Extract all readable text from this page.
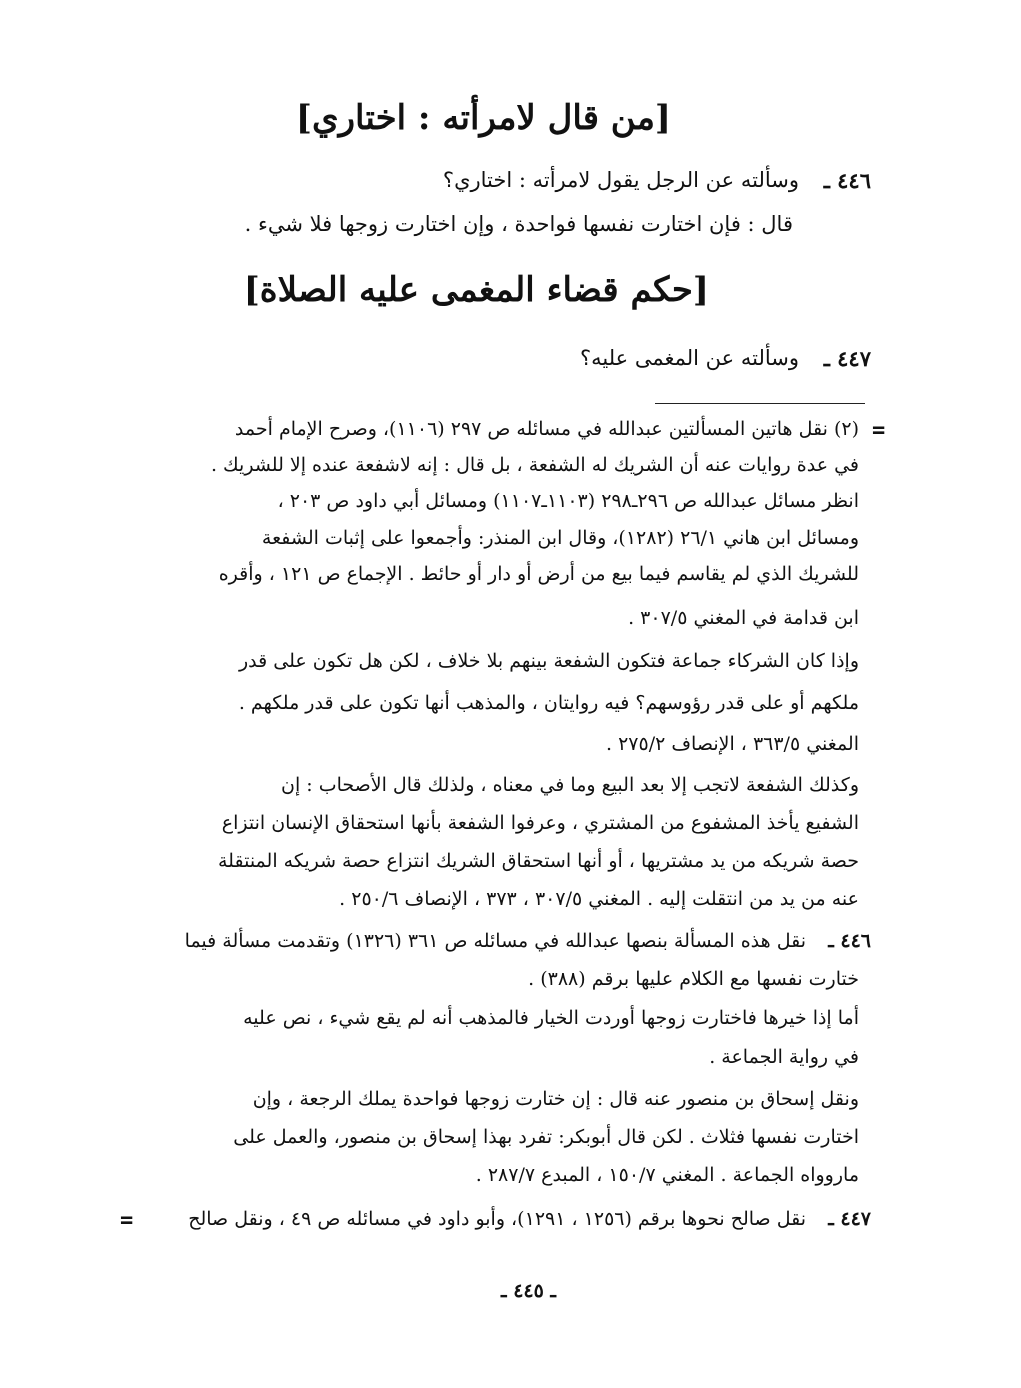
[من قال لامرأته : اختاري]
٤٤٦ ـ
وسألته عن الرجل يقول لامرأته : اختاري؟
قال : فإن اختارت نفسها فواحدة ، وإن اختارت زوجها فلا شيء .
[حكم قضاء المغمى عليه الصلاة]
٤٤٧ ـ
وسألته عن المغمى عليه؟
=
(٢) نقل هاتين المسألتين عبدالله في مسائله ص ٢٩٧ (١١٠٦)، وصرح الإمام أحمد
في عدة روايات عنه أن الشريك له الشفعة ، بل قال : إنه لاشفعة عنده إلا للشريك .
انظر مسائل عبدالله ص ٢٩٦ـ٢٩٨ (١١٠٣ـ١١٠٧) ومسائل أبي داود ص ٢٠٣ ،
ومسائل ابن هاني ٢٦/١ (١٢٨٢)، وقال ابن المنذر: وأجمعوا على إثبات الشفعة
للشريك الذي لم يقاسم فيما بيع من أرض أو دار أو حائط . الإجماع ص ١٢١ ، وأقره
ابن قدامة في المغني ٣٠٧/٥ .
وإذا كان الشركاء جماعة فتكون الشفعة بينهم بلا خلاف ، لكن هل تكون على قدر
ملكهم أو على قدر رؤوسهم؟ فيه روايتان ، والمذهب أنها تكون على قدر ملكهم .
المغني ٣٦٣/٥ ، الإنصاف ٢٧٥/٢ .
وكذلك الشفعة لاتجب إلا بعد البيع وما في معناه ، ولذلك قال الأصحاب : إن
الشفيع يأخذ المشفوع من المشتري ، وعرفوا الشفعة بأنها استحقاق الإنسان انتزاع
حصة شريكه من يد مشتريها ، أو أنها استحقاق الشريك انتزاع حصة شريكه المنتقلة
عنه من يد من انتقلت إليه . المغني ٣٠٧/٥ ، ٣٧٣ ، الإنصاف ٢٥٠/٦ .
٤٤٦ ـ
نقل هذه المسألة بنصها عبدالله في مسائله ص ٣٦١ (١٣٢٦) وتقدمت مسألة فيما
ختارت نفسها مع الكلام عليها برقم (٣٨٨) .
أما إذا خيرها فاختارت زوجها أوردت الخيار فالمذهب أنه لم يقع شيء ، نص عليه
في رواية الجماعة .
ونقل إسحاق بن منصور عنه قال : إن ختارت زوجها فواحدة يملك الرجعة ، وإن
اختارت نفسها فثلاث . لكن قال أبوبكر: تفرد بهذا إسحاق بن منصور، والعمل على
ماروواه الجماعة . المغني ١٥٠/٧ ، المبدع ٢٨٧/٧ .
٤٤٧ ـ
نقل صالح نحوها برقم (١٢٥٦ ، ١٢٩١)، وأبو داود في مسائله ص ٤٩ ، ونقل صالح
=
ـ ٤٤٥ ـ
